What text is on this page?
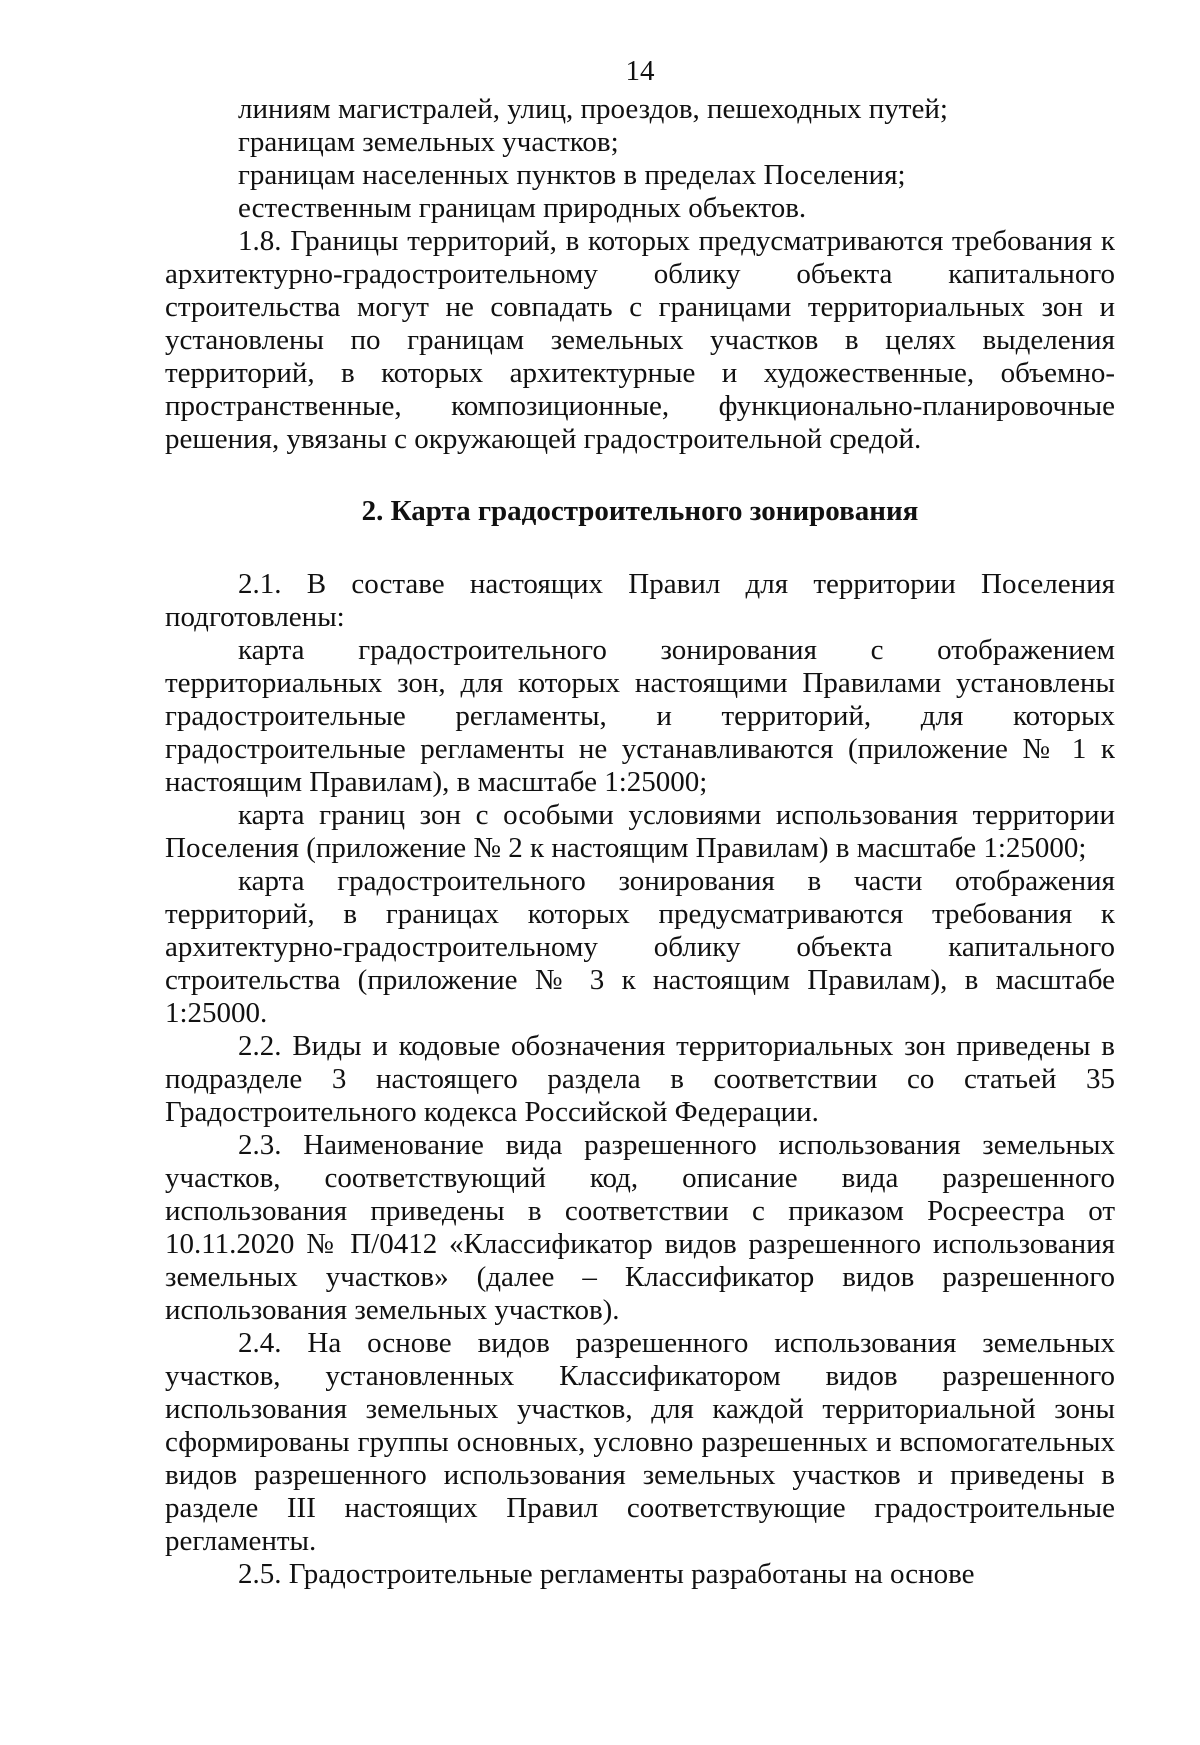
14
линиям магистралей, улиц, проездов, пешеходных путей;
границам земельных участков;
границам населенных пунктов в пределах Поселения;
естественным границам природных объектов.

1.8. Границы территорий, в которых предусматриваются требования к архитектурно-градостроительному облику объекта капитального строительства могут не совпадать с границами территориальных зон и установлены по границам земельных участков в целях выделения территорий, в которых архитектурные и художественные, объемно-пространственные, композиционные, функционально-планировочные решения, увязаны с окружающей градостроительной средой.

2. Карта градостроительного зонирования

2.1. В составе настоящих Правил для территории Поселения подготовлены:

карта градостроительного зонирования с отображением территориальных зон, для которых настоящими Правилами установлены градостроительные регламенты, и территорий, для которых градостроительные регламенты не устанавливаются (приложение № 1 к настоящим Правилам), в масштабе 1:25000;

карта границ зон с особыми условиями использования территории Поселения (приложение № 2 к настоящим Правилам) в масштабе 1:25000;

карта градостроительного зонирования в части отображения территорий, в границах которых предусматриваются требования к архитектурно-градостроительному облику объекта капитального строительства (приложение № 3 к настоящим Правилам), в масштабе 1:25000.

2.2. Виды и кодовые обозначения территориальных зон приведены в подразделе 3 настоящего раздела в соответствии со статьей 35 Градостроительного кодекса Российской Федерации.

2.3. Наименование вида разрешенного использования земельных участков, соответствующий код, описание вида разрешенного использования приведены в соответствии с приказом Росреестра от 10.11.2020 № П/0412 «Классификатор видов разрешенного использования земельных участков» (далее – Классификатор видов разрешенного использования земельных участков).

2.4. На основе видов разрешенного использования земельных участков, установленных Классификатором видов разрешенного использования земельных участков, для каждой территориальной зоны сформированы группы основных, условно разрешенных и вспомогательных видов разрешенного использования земельных участков и приведены в разделе III настоящих Правил соответствующие градостроительные регламенты.

2.5. Градостроительные регламенты разработаны на основе
